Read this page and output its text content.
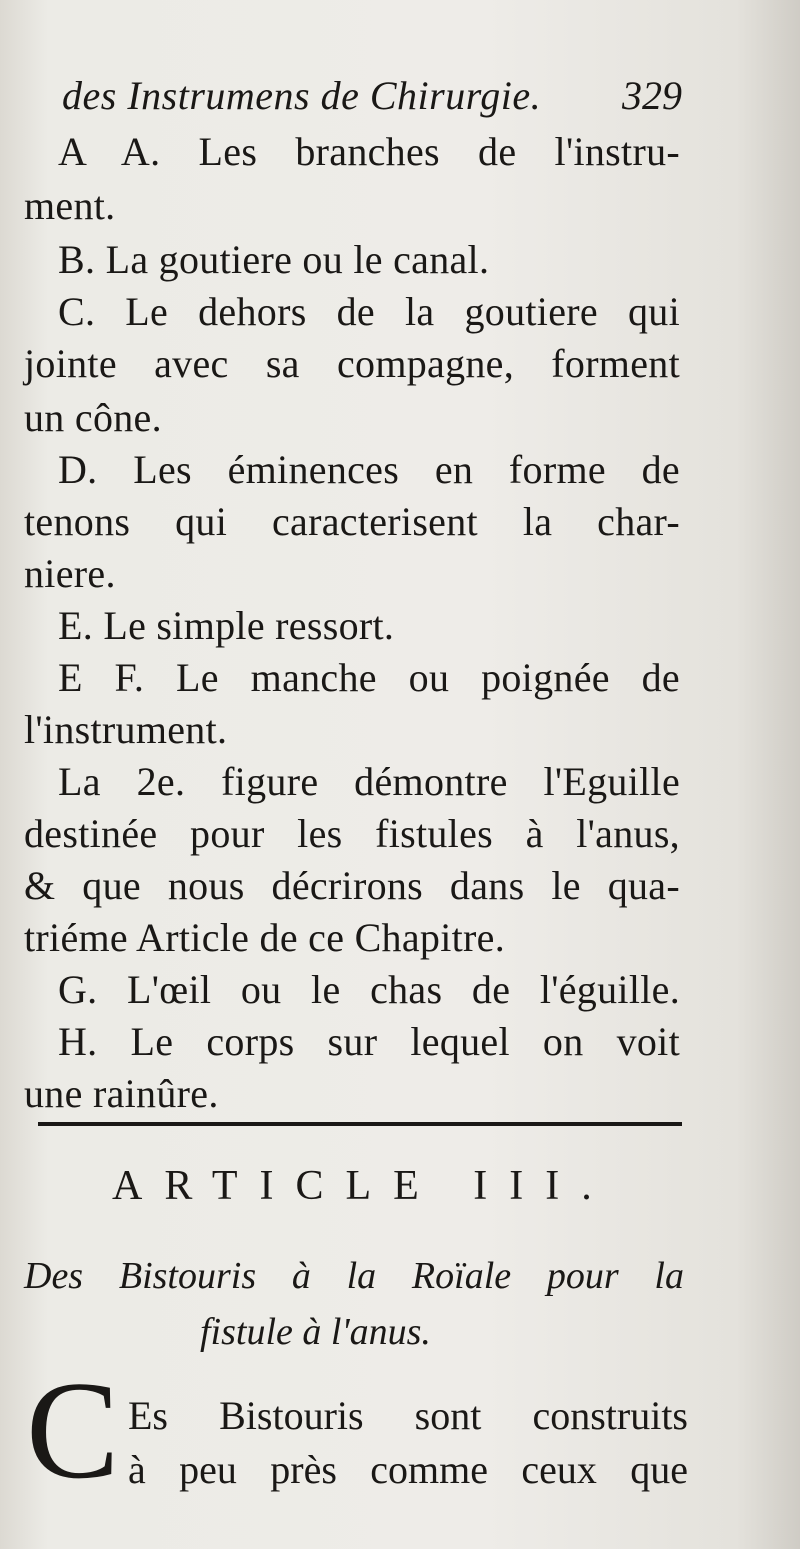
des Instrumens de Chirurgie. 329
A A. Les branches de l'instru-
ment.
B. La goutiere ou le canal.
C. Le dehors de la goutiere qui
jointe avec sa compagne, forment
un cône.
D. Les éminences en forme de
tenons qui caracterisent la char-
niere.
E. Le simple ressort.
E F. Le manche ou poignée de
l'instrument.
La 2e. figure démontre l'Eguille
destinée pour les fistules à l'anus,
& que nous décrirons dans le qua-
triéme Article de ce Chapitre.
G. L'œil ou le chas de l'éguille.
H. Le corps sur lequel on voit
une rainûre.
ARTICLE III.
Des Bistouris à la Roïale pour la
fistule à l'anus.
C Es Bistouris sont construits
à peu près comme ceux que
